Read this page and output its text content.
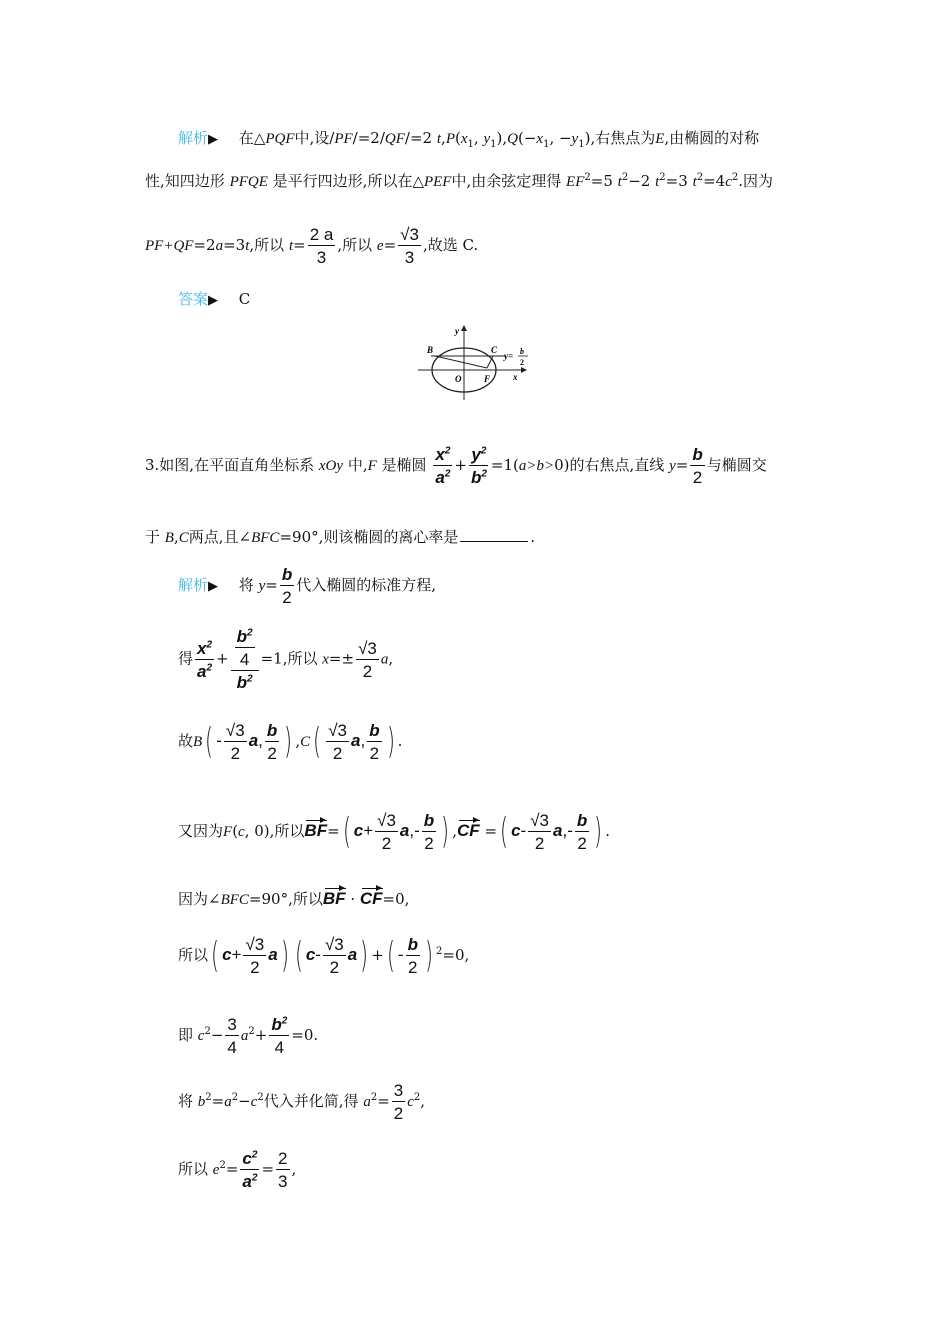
解析▶ 在△PQF中,设/PF/=2/QF/=2 $t,P(x_1$, $y_1),Q(-x_1$, $-y_1$),右焦点为E,由椭圆的对称
性,知四边形 PFQE 是平行四边形,所以在△PEF中,由余弦定理得 $EF^2=5$ $t^2-2$ $t^2=3$ $t^2=4c^2$.因为
PF+QF=2a=3t,所以 $t= \frac{2 a}{3}$ ,所以 $e= \frac{√3}{3}$ ,故选 C.
答案▶ C
y
x
B	C
O	F
y= b
2
3.如图,在平面直角坐标系 xOy 中,F 是椭圆 $\frac{x^2}{a^2} + \frac{y^2}{b^2} =1(a>b>0)$的右焦点,直线 $y= \frac{b}{2}$ 与椭圆交
于 B,C两点,且∠BFC=90°,则该椭圆的离心率是	.
解析▶ 将 $y= \frac{b}{2}$ 代入椭圆的标准方程,
得 $\frac{x^2}{a^2} + \frac{\frac{b^2}{4}}{b^2} =1$,所以 $x=\pm \frac{√3}{2} a$,
故$B( - \frac{√3}{2} a$, $\frac{b}{2}$ ) $,C( \frac{√3}{2} a$, $\frac{b}{2}$ ) .
又因为F(c, 0),所以BF=( $c+ \frac{√3}{2} a,- \frac{b}{2}$ ) ,CF =( $c- \frac{√3}{2} a,- \frac{b}{2}$ ) .
因为∠BFC=90°,所以BF · CF=0,
所以( $c+ \frac{√3}{2} a$) ( $c- \frac{√3}{2} a$) +( - $\frac{b}{2}$ ) $^2$=0,
即 $c^2- \frac{3}{4} a^2+ \frac{b^2}{4} =0$.
将 $b^2=a^2-c^2$代入并化简,得 $a^2= \frac{3}{2} c^2$,
所以 $e^2= \frac{c^2}{a^2} = \frac{2}{3}$ ,
